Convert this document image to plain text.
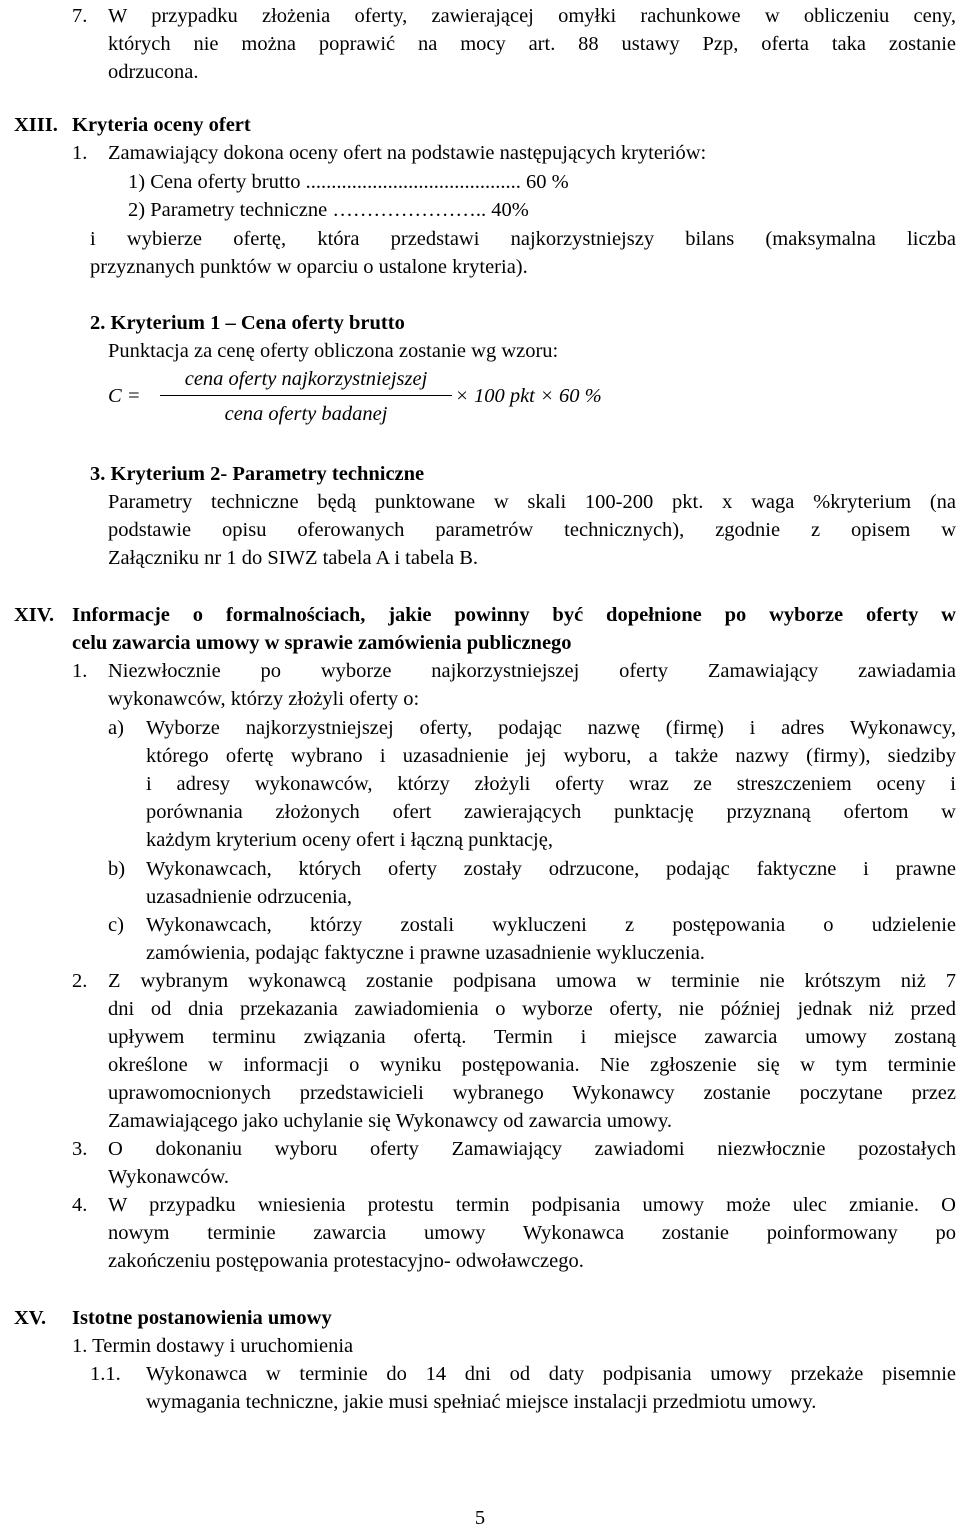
7. W przypadku złożenia oferty, zawierającej omyłki rachunkowe w obliczeniu ceny,
których nie można poprawić na mocy art. 88 ustawy Pzp, oferta taka zostanie
odrzucona.
XIII. Kryteria oceny ofert
1. Zamawiający dokona oceny ofert na podstawie następujących kryteriów:
1) Cena oferty brutto .......................................... 60 %
2) Parametry techniczne ………………….. 40%
i wybierze ofertę, która przedstawi najkorzystniejszy bilans (maksymalna liczba
przyznanych punktów w oparciu o ustalone kryteria).
2. Kryterium 1 – Cena oferty brutto
Punktacja za cenę oferty obliczona zostanie wg wzoru:
C =
cena oferty najkorzystniejszej
cena oferty badanej
× 100 pkt × 60 %
3. Kryterium 2- Parametry techniczne
Parametry techniczne będą punktowane w skali 100-200 pkt. x waga %kryterium (na
podstawie opisu oferowanych parametrów technicznych), zgodnie z opisem w
Załączniku nr 1 do SIWZ tabela A i tabela B.
XIV. Informacje o formalnościach, jakie powinny być dopełnione po wyborze oferty w
celu zawarcia umowy w sprawie zamówienia publicznego
1. Niezwłocznie po wyborze najkorzystniejszej oferty Zamawiający zawiadamia
wykonawców, którzy złożyli oferty o:
a) Wyborze najkorzystniejszej oferty, podając nazwę (firmę) i adres Wykonawcy,
którego ofertę wybrano i uzasadnienie jej wyboru, a także nazwy (firmy), siedziby
i adresy wykonawców, którzy złożyli oferty wraz ze streszczeniem oceny i
porównania złożonych ofert zawierających punktację przyznaną ofertom w
każdym kryterium oceny ofert i łączną punktację,
b) Wykonawcach, których oferty zostały odrzucone, podając faktyczne i prawne
uzasadnienie odrzucenia,
c) Wykonawcach, którzy zostali wykluczeni z postępowania o udzielenie
zamówienia, podając faktyczne i prawne uzasadnienie wykluczenia.
2. Z wybranym wykonawcą zostanie podpisana umowa w terminie nie krótszym niż 7
dni od dnia przekazania zawiadomienia o wyborze oferty, nie później jednak niż przed
upływem terminu związania ofertą. Termin i miejsce zawarcia umowy zostaną
określone w informacji o wyniku postępowania. Nie zgłoszenie się w tym terminie
uprawomocnionych przedstawicieli wybranego Wykonawcy zostanie poczytane przez
Zamawiającego jako uchylanie się Wykonawcy od zawarcia umowy.
3. O dokonaniu wyboru oferty Zamawiający zawiadomi niezwłocznie pozostałych
Wykonawców.
4. W przypadku wniesienia protestu termin podpisania umowy może ulec zmianie. O
nowym terminie zawarcia umowy Wykonawca zostanie poinformowany po
zakończeniu postępowania protestacyjno- odwoławczego.
XV. Istotne postanowienia umowy
1. Termin dostawy i uruchomienia
1.1. Wykonawca w terminie do 14 dni od daty podpisania umowy przekaże pisemnie
wymagania techniczne, jakie musi spełniać miejsce instalacji przedmiotu umowy.
5
